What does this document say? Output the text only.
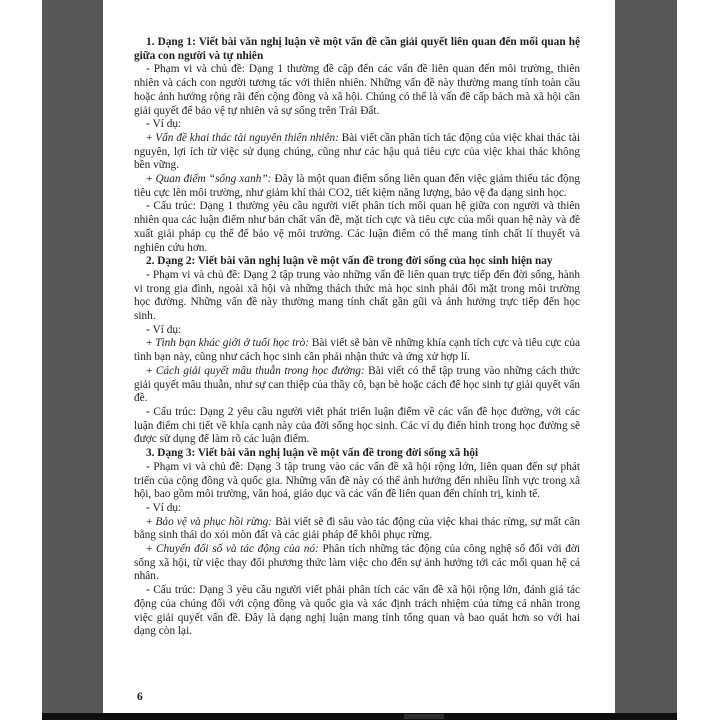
1. Dạng 1: Viết bài văn nghị luận về một vấn đề cần giải quyết liên quan đến mối quan hệ giữa con người và tự nhiên

- Phạm vi và chủ đề: Dạng 1 thường đề cập đến các vấn đề liên quan đến môi trường, thiên nhiên và cách con người tương tác với thiên nhiên. Những vấn đề này thường mang tính toàn cầu hoặc ảnh hưởng rộng rãi đến cộng đồng và xã hội. Chúng có thể là vấn đề cấp bách mà xã hội cần giải quyết để bảo vệ tự nhiên và sự sống trên Trái Đất.

- Ví dụ:

+ Vấn đề khai thác tài nguyên thiên nhiên: Bài viết cần phân tích tác động của việc khai thác tài nguyên, lợi ích từ việc sử dụng chúng, cũng như các hậu quả tiêu cực của việc khai thác không bền vững.

+ Quan điểm “sống xanh”: Đây là một quan điểm sống liên quan đến việc giảm thiểu tác động tiêu cực lên môi trường, như giảm khí thải CO2, tiết kiệm năng lượng, bảo vệ đa dạng sinh học.

- Cấu trúc: Dạng 1 thường yêu cầu người viết phân tích mối quan hệ giữa con người và thiên nhiên qua các luận điểm như bản chất vấn đề, mặt tích cực và tiêu cực của mối quan hệ này và đề xuất giải pháp cụ thể để bảo vệ môi trường. Các luận điểm có thể mang tính chất lí thuyết và nghiên cứu hơn.

2. Dạng 2: Viết bài văn nghị luận về một vấn đề trong đời sống của học sinh hiện nay

- Phạm vi và chủ đề: Dạng 2 tập trung vào những vấn đề liên quan trực tiếp đến đời sống, hành vi trong gia đình, ngoài xã hội và những thách thức mà học sinh phải đối mặt trong môi trường học đường. Những vấn đề này thường mang tính chất gần gũi và ảnh hưởng trực tiếp đến học sinh.

- Ví dụ:

+ Tình bạn khác giới ở tuổi học trò: Bài viết sẽ bàn về những khía cạnh tích cực và tiêu cực của tình bạn này, cũng như cách học sinh cần phải nhận thức và ứng xử hợp lí.

+ Cách giải quyết mâu thuẫn trong học đường: Bài viết có thể tập trung vào những cách thức giải quyết mâu thuẫn, như sự can thiệp của thầy cô, bạn bè hoặc cách để học sinh tự giải quyết vấn đề.

- Cấu trúc: Dạng 2 yêu cầu người viết phát triển luận điểm về các vấn đề học đường, với các luận điểm chi tiết về khía cạnh này của đời sống học sinh. Các ví dụ điển hình trong học đường sẽ được sử dụng để làm rõ các luận điểm.

3. Dạng 3: Viết bài văn nghị luận về một vấn đề trong đời sống xã hội

- Phạm vi và chủ đề: Dạng 3 tập trung vào các vấn đề xã hội rộng lớn, liên quan đến sự phát triển của cộng đồng và quốc gia. Những vấn đề này có thể ảnh hưởng đến nhiều lĩnh vực trong xã hội, bao gồm môi trường, văn hoá, giáo dục và các vấn đề liên quan đến chính trị, kinh tế.

- Ví dụ:

+ Bảo vệ và phục hồi rừng: Bài viết sẽ đi sâu vào tác động của việc khai thác rừng, sự mất cân bằng sinh thái do xói mòn đất và các giải pháp để khôi phục rừng.

+ Chuyển đổi số và tác động của nó: Phân tích những tác động của công nghệ số đối với đời sống xã hội, từ việc thay đổi phương thức làm việc cho đến sự ảnh hưởng tới các mối quan hệ cá nhân.

- Cấu trúc: Dạng 3 yêu cầu người viết phải phân tích các vấn đề xã hội rộng lớn, đánh giá tác động của chúng đối với cộng đồng và quốc gia và xác định trách nhiệm của từng cá nhân trong việc giải quyết vấn đề. Đây là dạng nghị luận mang tính tổng quan và bao quát hơn so với hai dạng còn lại.

6
